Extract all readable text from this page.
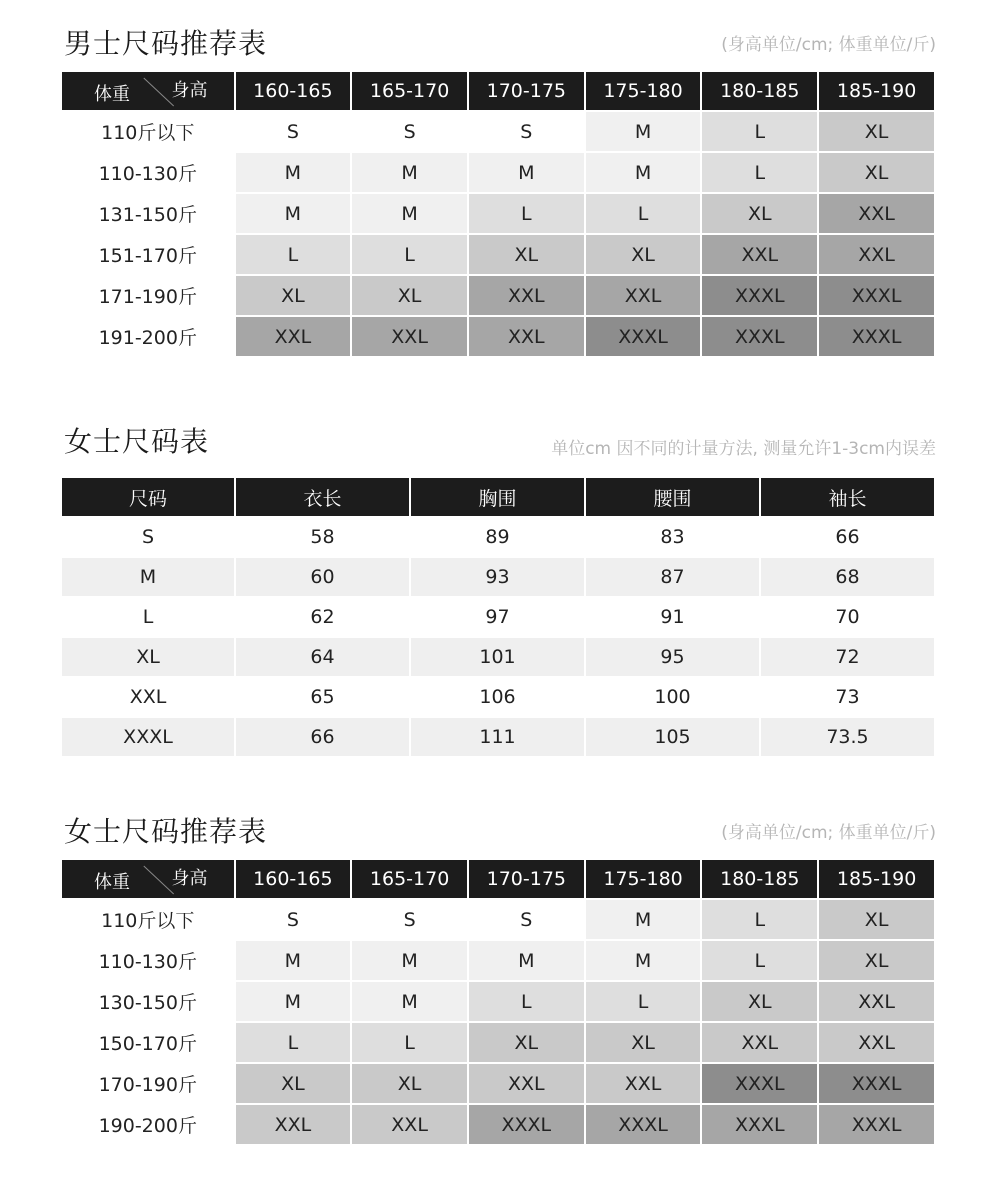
男士尺码推荐表	(身高单位/cm; 体重单位/斤)
体重 身高	160-165	165-170	170-175	175-180	180-185	185-190
110斤以下	S	S	S	M	L	XL
110-130斤	M	M	M	M	L	XL
131-150斤	M	M	L	L	XL	XXL
151-170斤	L	L	XL	XL	XXL	XXL
171-190斤	XL	XL	XXL	XXL	XXXL	XXXL
191-200斤	XXL	XXL	XXL	XXXL	XXXL	XXXL
女士尺码表	单位cm 因不同的计量方法, 测量允许1-3cm内误差
尺码	衣长	胸围	腰围	袖长
S	58	89	83	66
M	60	93	87	68
L	62	97	91	70
XL	64	101	95	72
XXL	65	106	100	73
XXXL	66	111	105	73.5
女士尺码推荐表	(身高单位/cm; 体重单位/斤)
体重 身高	160-165	165-170	170-175	175-180	180-185	185-190
110斤以下	S	S	S	M	L	XL
110-130斤	M	M	M	M	L	XL
130-150斤	M	M	L	L	XL	XXL
150-170斤	L	L	XL	XL	XXL	XXL
170-190斤	XL	XL	XXL	XXL	XXXL	XXXL
190-200斤	XXL	XXL	XXXL	XXXL	XXXL	XXXL
